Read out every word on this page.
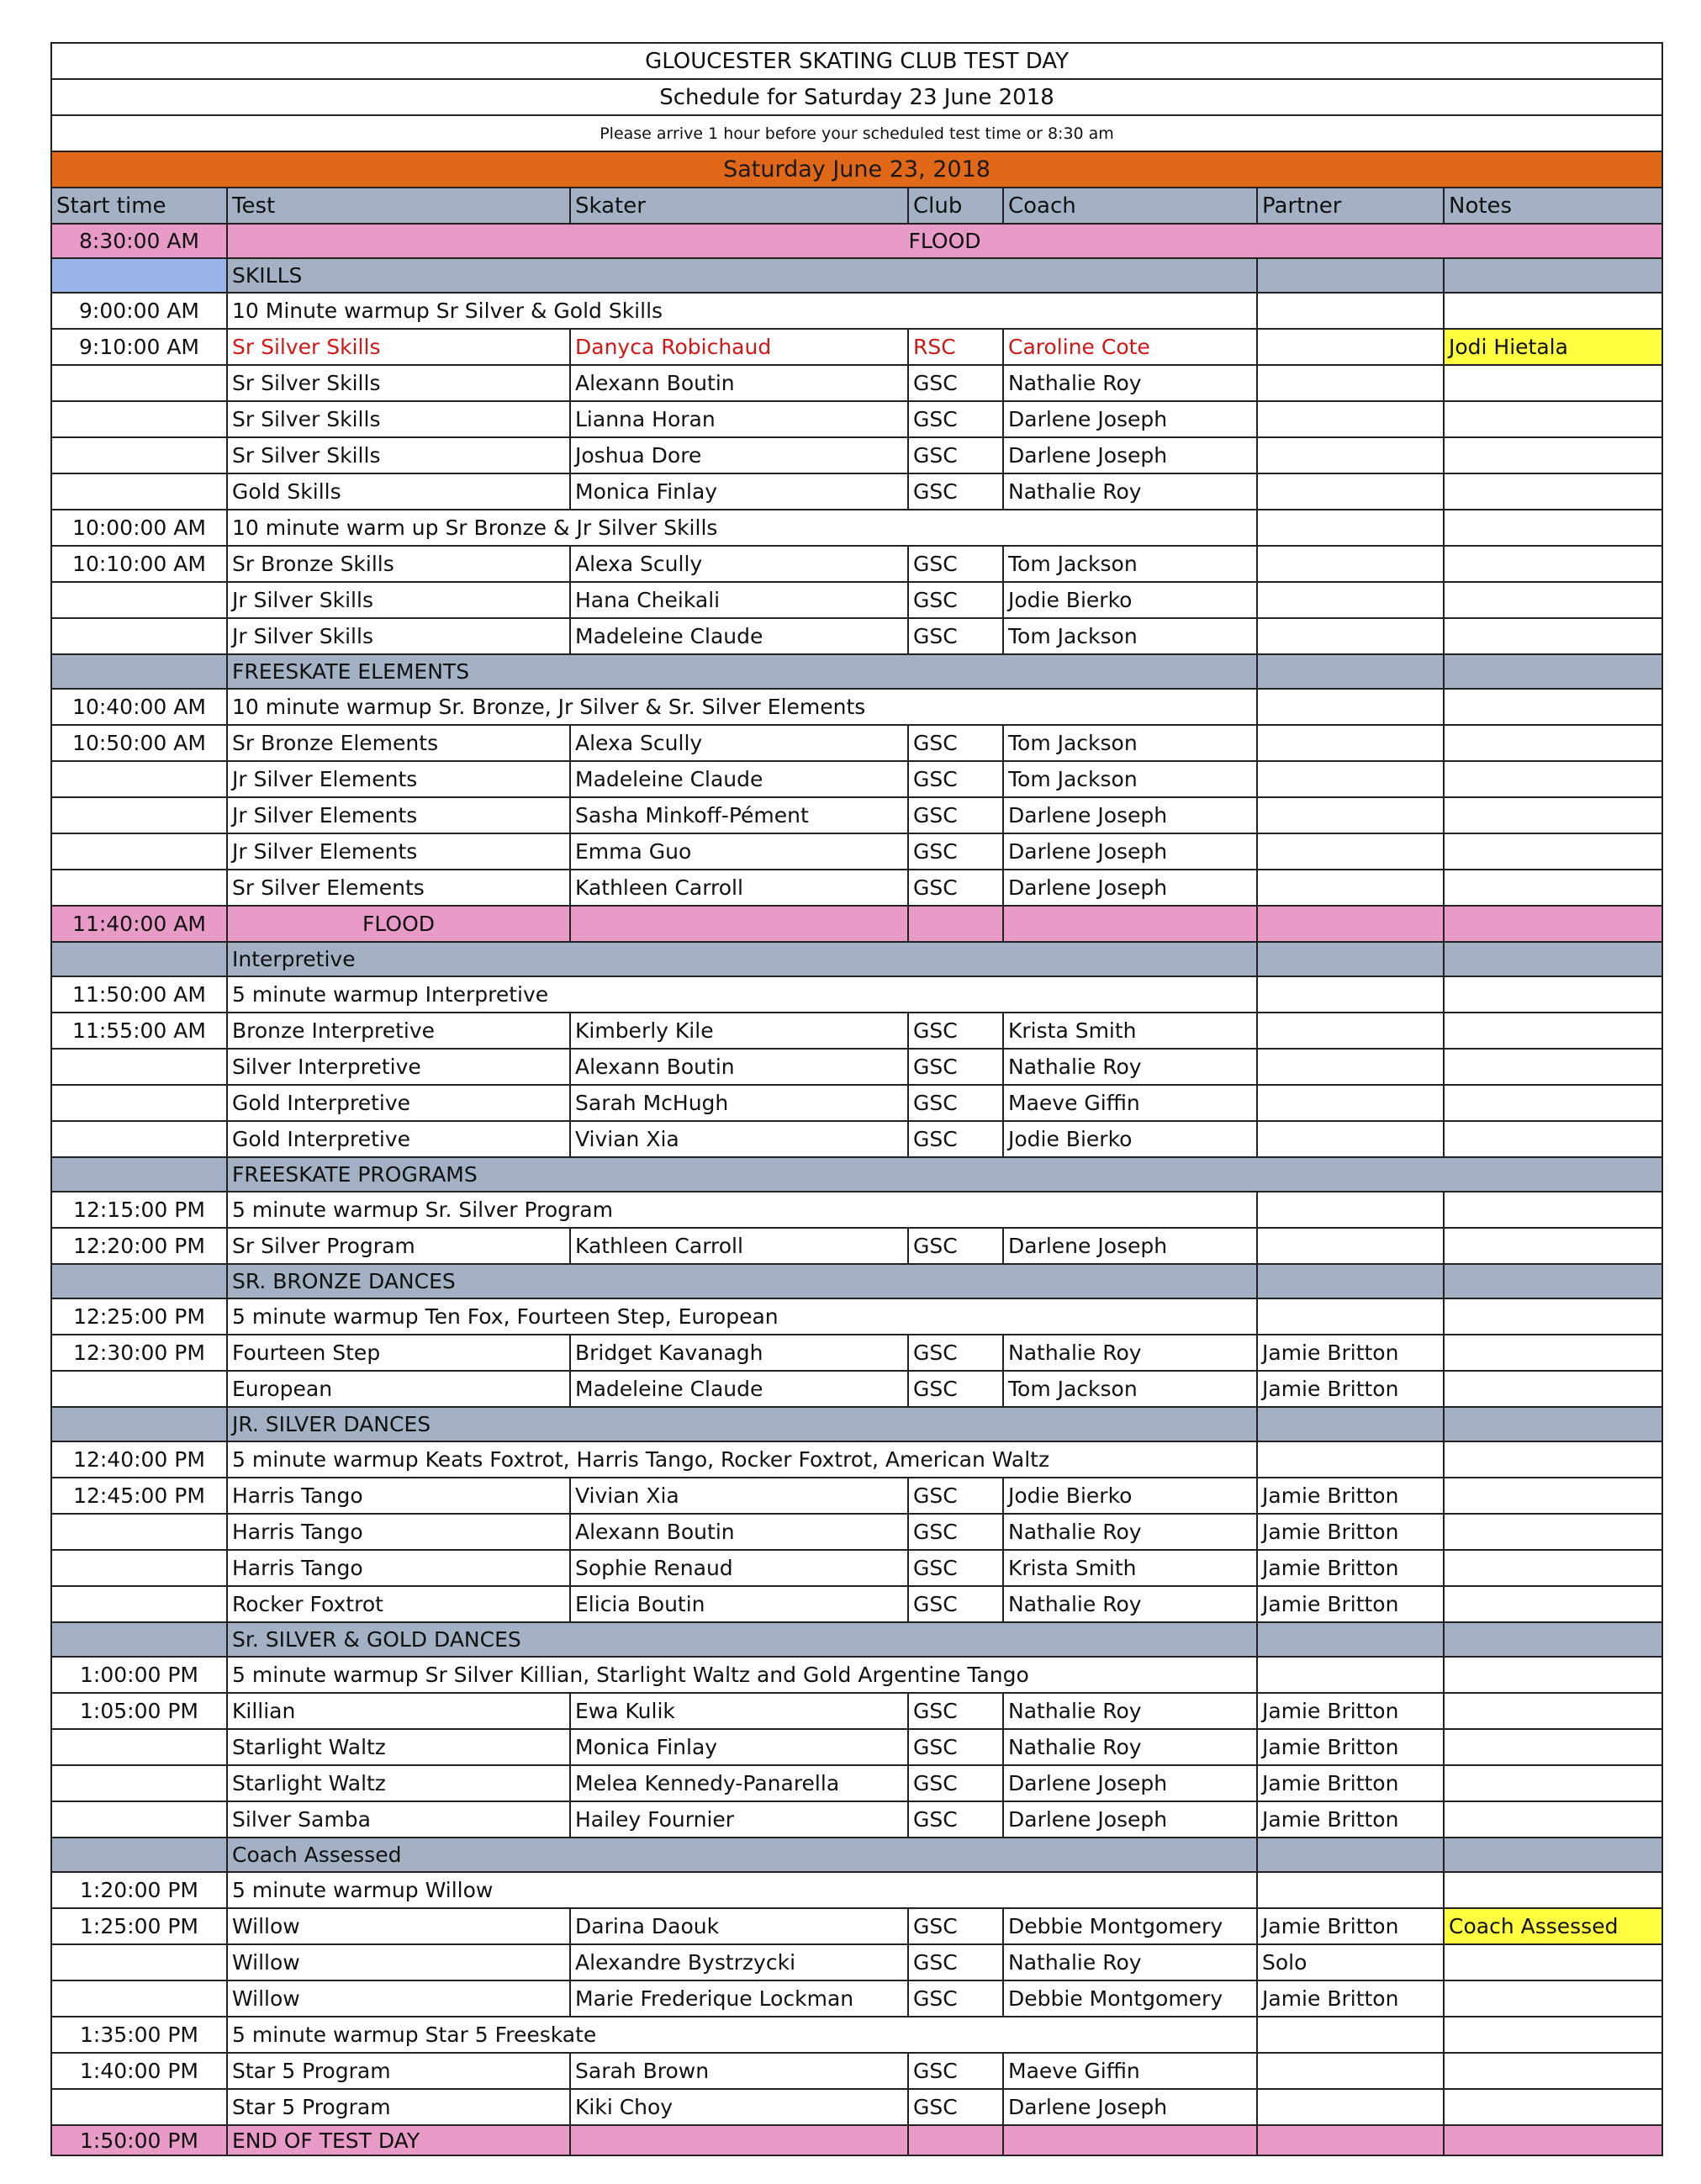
GLOUCESTER SKATING CLUB TEST DAY						
Schedule for Saturday 23 June 2018						
Please arrive 1 hour before your scheduled test time or 8:30 am						
Saturday June 23, 2018						
Start time	Test	Skater	Club	Coach	Partner	Notes
8:30:00 AM	FLOOD					
	SKILLS					
9:00:00 AM	10 Minute warmup Sr Silver & Gold Skills					
9:10:00 AM	Sr Silver Skills	Danyca Robichaud	RSC	Caroline Cote		Jodi Hietala
	Sr Silver Skills	Alexann Boutin	GSC	Nathalie Roy		
	Sr Silver Skills	Lianna Horan	GSC	Darlene Joseph		
	Sr Silver Skills	Joshua Dore	GSC	Darlene Joseph		
	Gold Skills	Monica Finlay	GSC	Nathalie Roy		
10:00:00 AM	10 minute warm up Sr Bronze & Jr Silver Skills					
10:10:00 AM	Sr Bronze Skills	Alexa Scully	GSC	Tom Jackson		
	Jr Silver Skills	Hana Cheikali	GSC	Jodie Bierko		
	Jr Silver Skills	Madeleine Claude	GSC	Tom Jackson		
	FREESKATE ELEMENTS					
10:40:00 AM	10 minute warmup Sr. Bronze, Jr Silver & Sr. Silver Elements					
10:50:00 AM	Sr Bronze Elements	Alexa Scully	GSC	Tom Jackson		
	Jr Silver Elements	Madeleine Claude	GSC	Tom Jackson		
	Jr Silver Elements	Sasha Minkoff-Pément	GSC	Darlene Joseph		
	Jr Silver Elements	Emma Guo	GSC	Darlene Joseph		
	Sr Silver Elements	Kathleen Carroll	GSC	Darlene Joseph		
11:40:00 AM	FLOOD					
	Interpretive					
11:50:00 AM	5 minute warmup Interpretive					
11:55:00 AM	Bronze Interpretive	Kimberly Kile	GSC	Krista Smith		
	Silver Interpretive	Alexann Boutin	GSC	Nathalie Roy		
	Gold Interpretive	Sarah McHugh	GSC	Maeve Giffin		
	Gold Interpretive	Vivian Xia	GSC	Jodie Bierko		
	FREESKATE PROGRAMS					
12:15:00 PM	5 minute warmup Sr. Silver Program					
12:20:00 PM	Sr Silver Program	Kathleen Carroll	GSC	Darlene Joseph		
	SR. BRONZE DANCES					
12:25:00 PM	5 minute warmup Ten Fox, Fourteen Step, European					
12:30:00 PM	Fourteen Step	Bridget Kavanagh	GSC	Nathalie Roy	Jamie Britton	
	European	Madeleine Claude	GSC	Tom Jackson	Jamie Britton	
	JR. SILVER DANCES					
12:40:00 PM	5 minute warmup Keats Foxtrot, Harris Tango, Rocker Foxtrot, American Waltz					
12:45:00 PM	Harris Tango	Vivian Xia	GSC	Jodie Bierko	Jamie Britton	
	Harris Tango	Alexann Boutin	GSC	Nathalie Roy	Jamie Britton	
	Harris Tango	Sophie Renaud	GSC	Krista Smith	Jamie Britton	
	Rocker Foxtrot	Elicia Boutin	GSC	Nathalie Roy	Jamie Britton	
	Sr. SILVER & GOLD DANCES					
1:00:00 PM	5 minute warmup Sr Silver Killian, Starlight Waltz and Gold Argentine Tango					
1:05:00 PM	Killian	Ewa Kulik	GSC	Nathalie Roy	Jamie Britton	
	Starlight Waltz	Monica Finlay	GSC	Nathalie Roy	Jamie Britton	
	Starlight Waltz	Melea Kennedy-Panarella	GSC	Darlene Joseph	Jamie Britton	
	Silver Samba	Hailey Fournier	GSC	Darlene Joseph	Jamie Britton	
	Coach Assessed					
1:20:00 PM	5 minute warmup Willow					
1:25:00 PM	Willow	Darina Daouk	GSC	Debbie Montgomery	Jamie Britton	Coach Assessed
	Willow	Alexandre Bystrzycki	GSC	Nathalie Roy	Solo	
	Willow	Marie Frederique Lockman	GSC	Debbie Montgomery	Jamie Britton	
1:35:00 PM	5 minute warmup Star 5 Freeskate					
1:40:00 PM	Star 5 Program	Sarah Brown	GSC	Maeve Giffin		
	Star 5 Program	Kiki Choy	GSC	Darlene Joseph		
1:50:00 PM	END OF TEST DAY					
